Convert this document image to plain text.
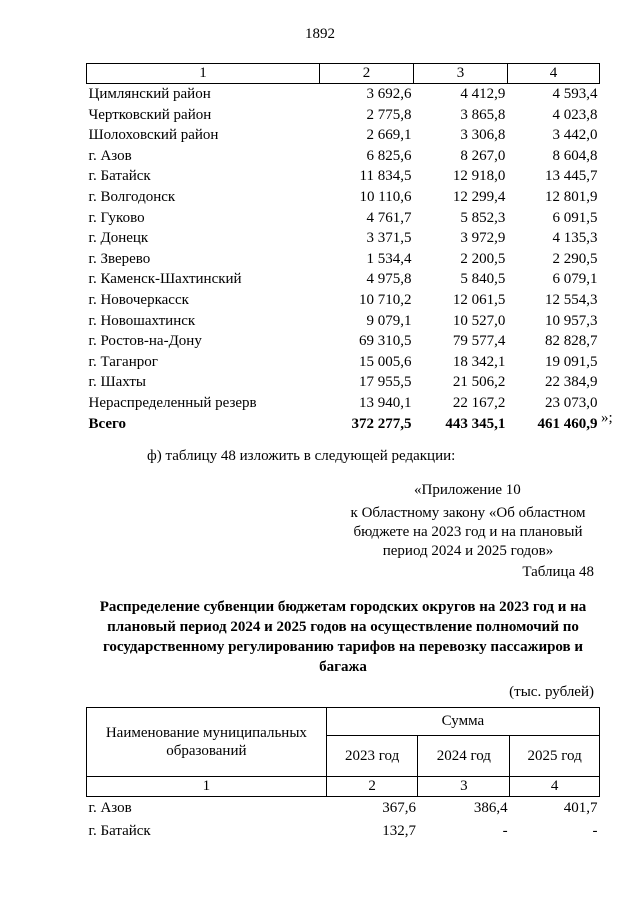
1892
1	2	3	4
Цимлянский район	3 692,6	4 412,9	4 593,4
Чертковский район	2 775,8	3 865,8	4 023,8
Шолоховский район	2 669,1	3 306,8	3 442,0
г. Азов	6 825,6	8 267,0	8 604,8
г. Батайск	11 834,5	12 918,0	13 445,7
г. Волгодонск	10 110,6	12 299,4	12 801,9
г. Гуково	4 761,7	5 852,3	6 091,5
г. Донецк	3 371,5	3 972,9	4 135,3
г. Зверево	1 534,4	2 200,5	2 290,5
г. Каменск-Шахтинский	4 975,8	5 840,5	6 079,1
г. Новочеркасск	10 710,2	12 061,5	12 554,3
г. Новошахтинск	9 079,1	10 527,0	10 957,3
г. Ростов-на-Дону	69 310,5	79 577,4	82 828,7
г. Таганрог	15 005,6	18 342,1	19 091,5
г. Шахты	17 955,5	21 506,2	22 384,9
Нераспределенный резерв	13 940,1	22 167,2	23 073,0
Всего	372 277,5	443 345,1	461 460,9 »;
ф) таблицу 48 изложить в следующей редакции:
«Приложение 10
к Областному закону «Об областном бюджете на 2023 год и на плановый период 2024 и 2025 годов»
Таблица 48
Распределение субвенции бюджетам городских округов на 2023 год и на плановый период 2024 и 2025 годов на осуществление полномочий по государственному регулированию тарифов на перевозку пассажиров и багажа
(тыс. рублей)
Наименование муниципальных образований	Сумма		
	2023 год	2024 год	2025 год
1	2	3	4
г. Азов	367,6	386,4	401,7
г. Батайск	132,7	-	-
